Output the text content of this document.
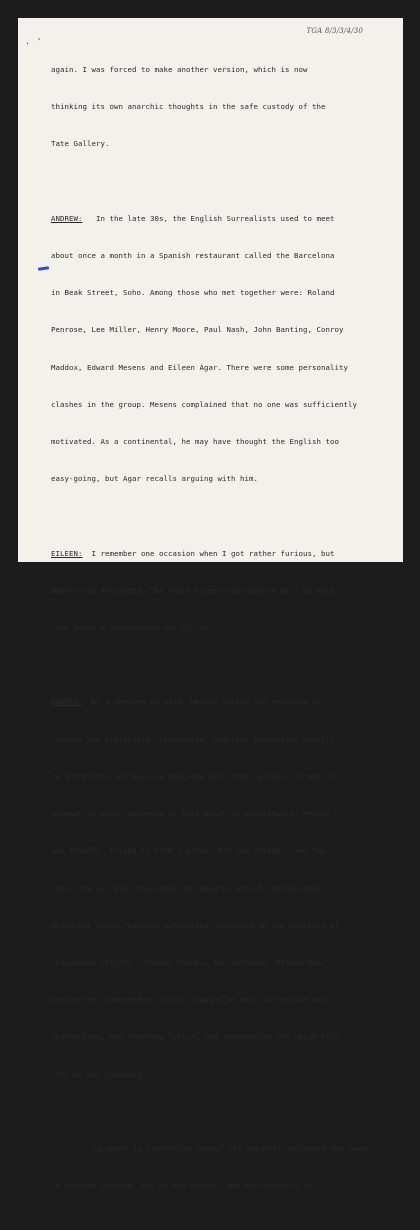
TGA 8/3/3/4/30
. '

again. I was forced to make another version, which is now

thinking its own anarchic thoughts in the safe custody of the

Tate Gallery.

ANDREW:   In the late 30s, the English Surrealists used to meet

about once a month in a Spanish restaurant called the Barcelona

in Beak Street, Soho. Among those who met together were: Roland

Penrose, Lee Miller, Henry Moore, Paul Nash, John Banting, Conroy

Maddox, Edward Mesens and Eileen Agar. There were some personality

clashes in the group. Mesens complained that no one was sufficiently

motivated. As a continental, he may have thought the English too

easy-going, but Agar recalls arguing with him.

EILEEN:  I remember one occasion when I got rather furious, but

Mesens was delighted. "At least Eileen contradicts me," he said,

"she makes a controversy out of it!"

ANDREW:  At a meeting in 1940, Mesens called for everyone to

support the proletarian revolution, dedicate themselves utterly

to Surrealism and have no dealings with other groups. It was an

attempt to give coherence to this bunch of individuals, Mesens

was finally  trying to form a group. But the attempt came too

late. The war had intervened and several artists had pursued

different paths. English Surrealism continued in the practice of

individual artists - Conroy Maddox, for instance. Eileen Agar

pursued her independent vision drawing on both surrealism and

abstraction, and creating lyrical and imaginative art which fits

into no one category.

So where is Surrealism today? Its greatest influence has been

in popular culture, out on the street, and particularly in
